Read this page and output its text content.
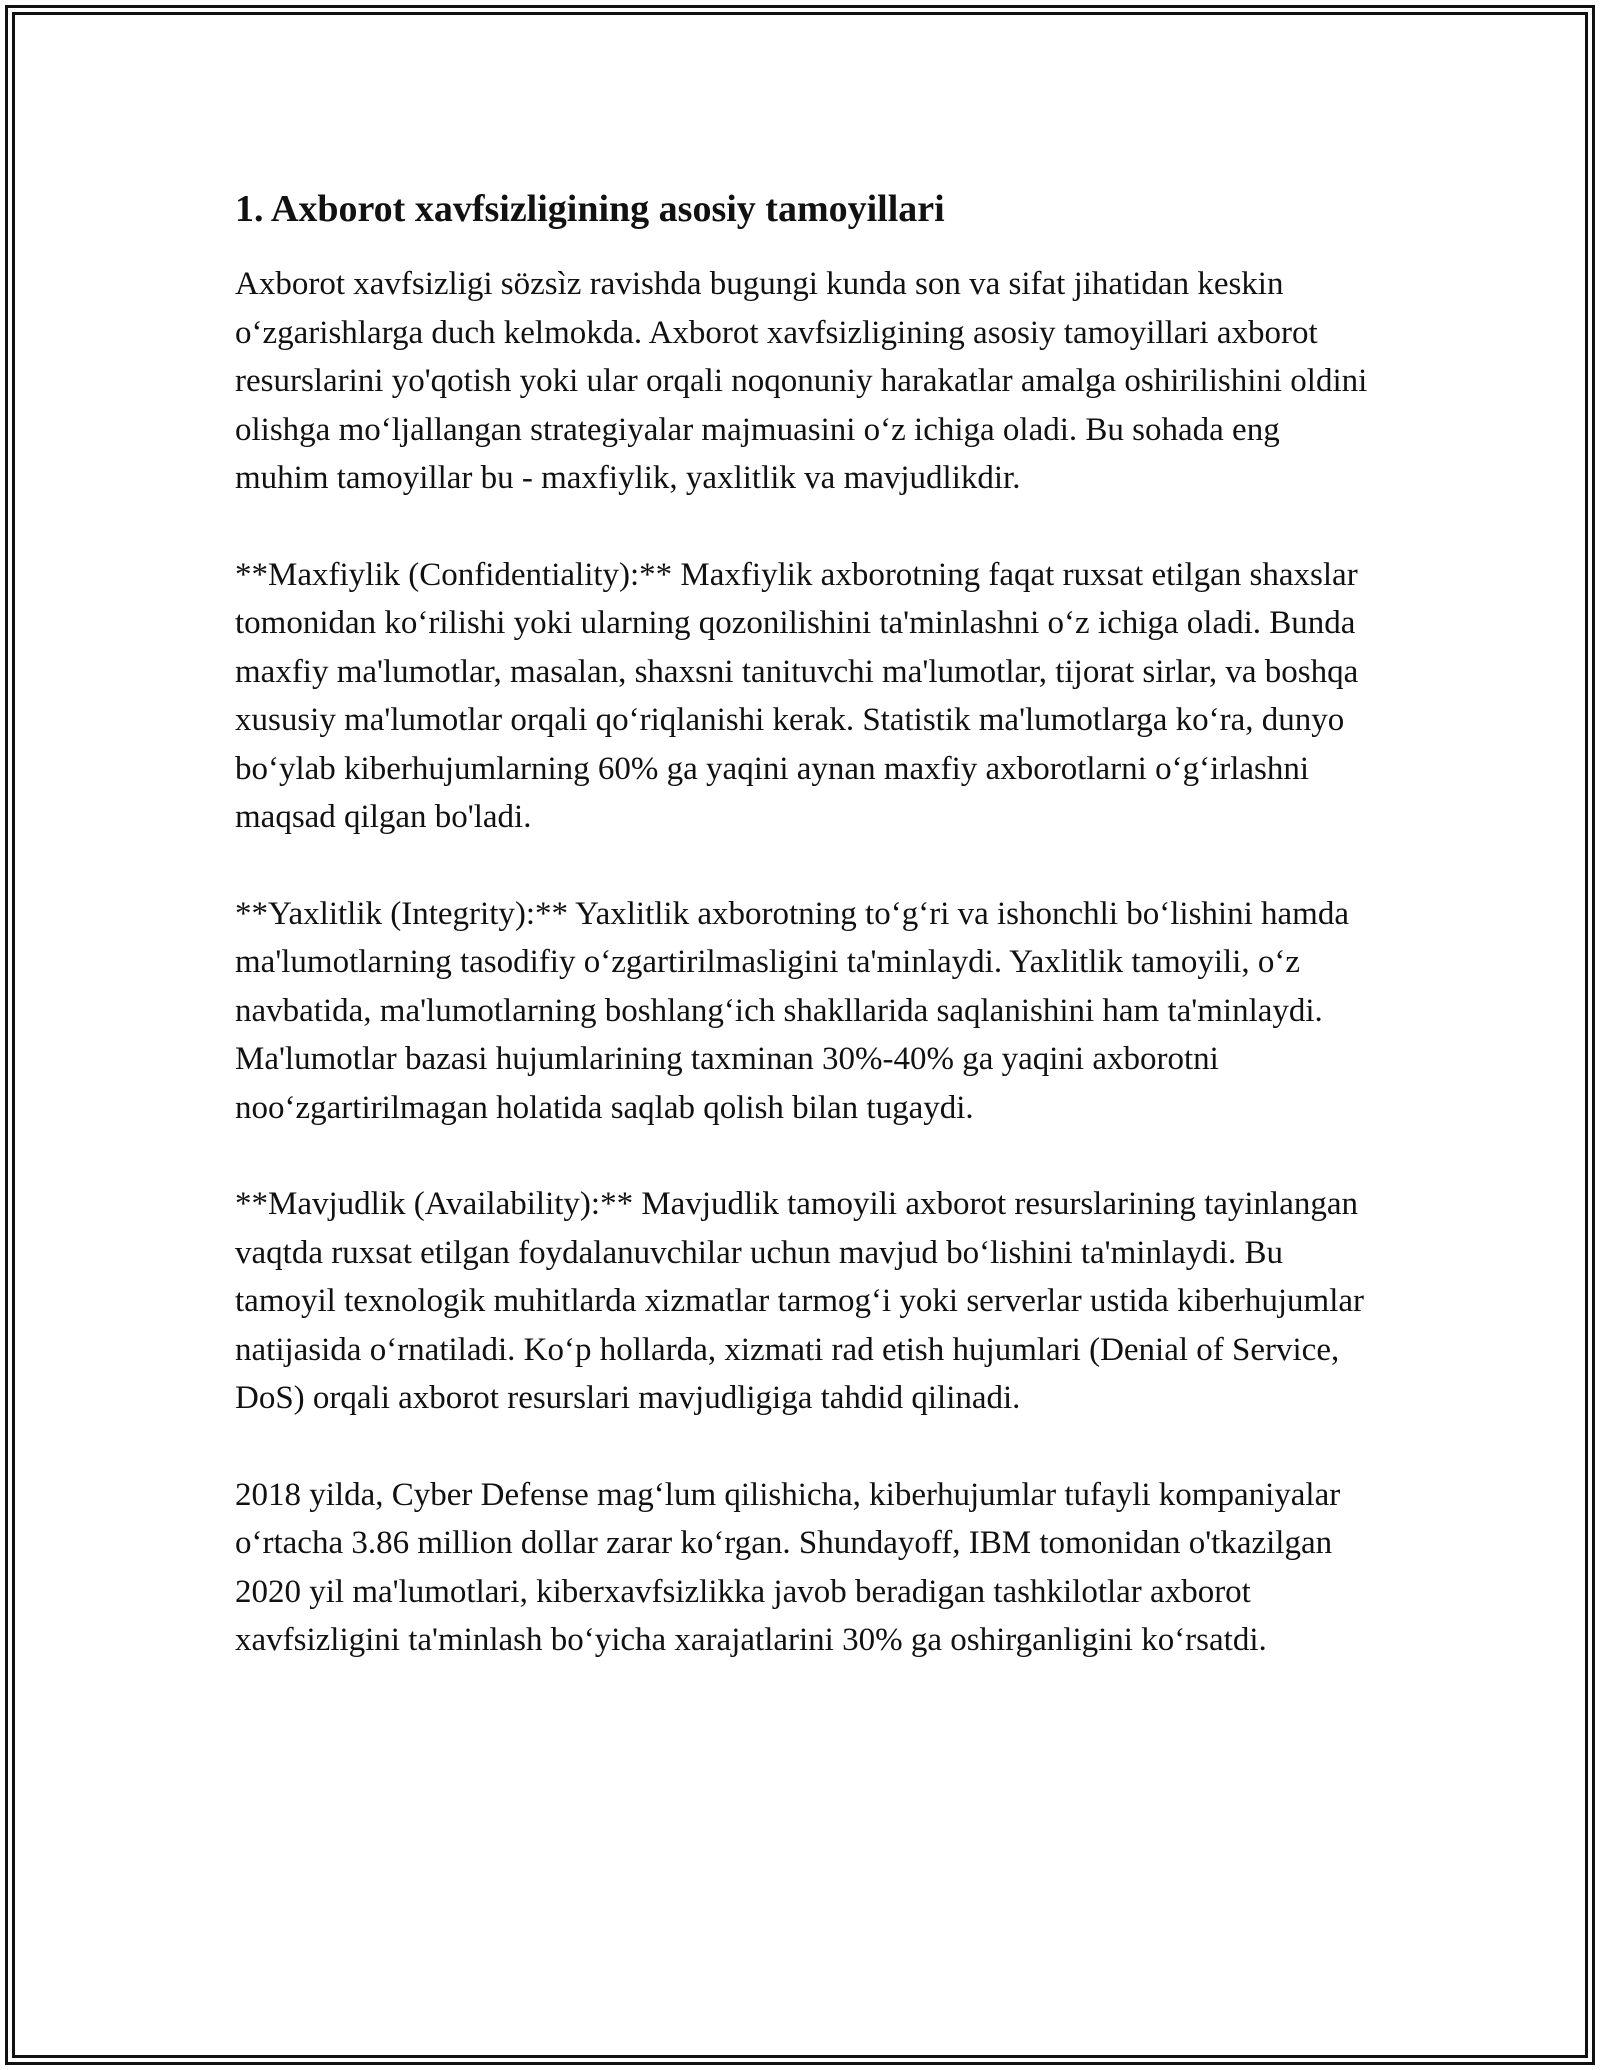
1. Axborot xavfsizligining asosiy tamoyillari

Axborot xavfsizligi sözsìz ravishda bugungi kunda son va sifat jihatidan keskin o‘zgarishlarga duch kelmokda. Axborot xavfsizligining asosiy tamoyillari axborot resurslarini yo'qotish yoki ular orqali noqonuniy harakatlar amalga oshirilishini oldini olishga mo‘ljallangan strategiyalar majmuasini o‘z ichiga oladi. Bu sohada eng muhim tamoyillar bu - maxfiylik, yaxlitlik va mavjudlikdir.

**Maxfiylik (Confidentiality):** Maxfiylik axborotning faqat ruxsat etilgan shaxslar tomonidan ko‘rilishi yoki ularning qozonilishini ta'minlashni o‘z ichiga oladi. Bunda maxfiy ma'lumotlar, masalan, shaxsni tanituvchi ma'lumotlar, tijorat sirlar, va boshqa xususiy ma'lumotlar orqali qo‘riqlanishi kerak. Statistik ma'lumotlarga ko‘ra, dunyo bo‘ylab kiberhujumlarning 60% ga yaqini aynan maxfiy axborotlarni o‘g‘irlashni maqsad qilgan bo'ladi.

**Yaxlitlik (Integrity):** Yaxlitlik axborotning to‘g‘ri va ishonchli bo‘lishini hamda ma'lumotlarning tasodifiy o‘zgartirilmasligini ta'minlaydi. Yaxlitlik tamoyili, o‘z navbatida, ma'lumotlarning boshlang‘ich shakllarida saqlanishini ham ta'minlaydi. Ma'lumotlar bazasi hujumlarining taxminan 30%-40% ga yaqini axborotni noo‘zgartirilmagan holatida saqlab qolish bilan tugaydi.

**Mavjudlik (Availability):** Mavjudlik tamoyili axborot resurslarining tayinlangan vaqtda ruxsat etilgan foydalanuvchilar uchun mavjud bo‘lishini ta'minlaydi. Bu tamoyil texnologik muhitlarda xizmatlar tarmog‘i yoki serverlar ustida kiberhujumlar natijasida o‘rnatiladi. Ko‘p hollarda, xizmati rad etish hujumlari (Denial of Service, DoS) orqali axborot resurslari mavjudligiga tahdid qilinadi.

2018 yilda, Cyber Defense mag‘lum qilishicha, kiberhujumlar tufayli kompaniyalar o‘rtacha 3.86 million dollar zarar ko‘rgan. Shundayoff, IBM tomonidan o'tkazilgan 2020 yil ma'lumotlari, kiberxavfsizlikka javob beradigan tashkilotlar axborot xavfsizligini ta'minlash bo‘yicha xarajatlarini 30% ga oshirganligini ko‘rsatdi.
